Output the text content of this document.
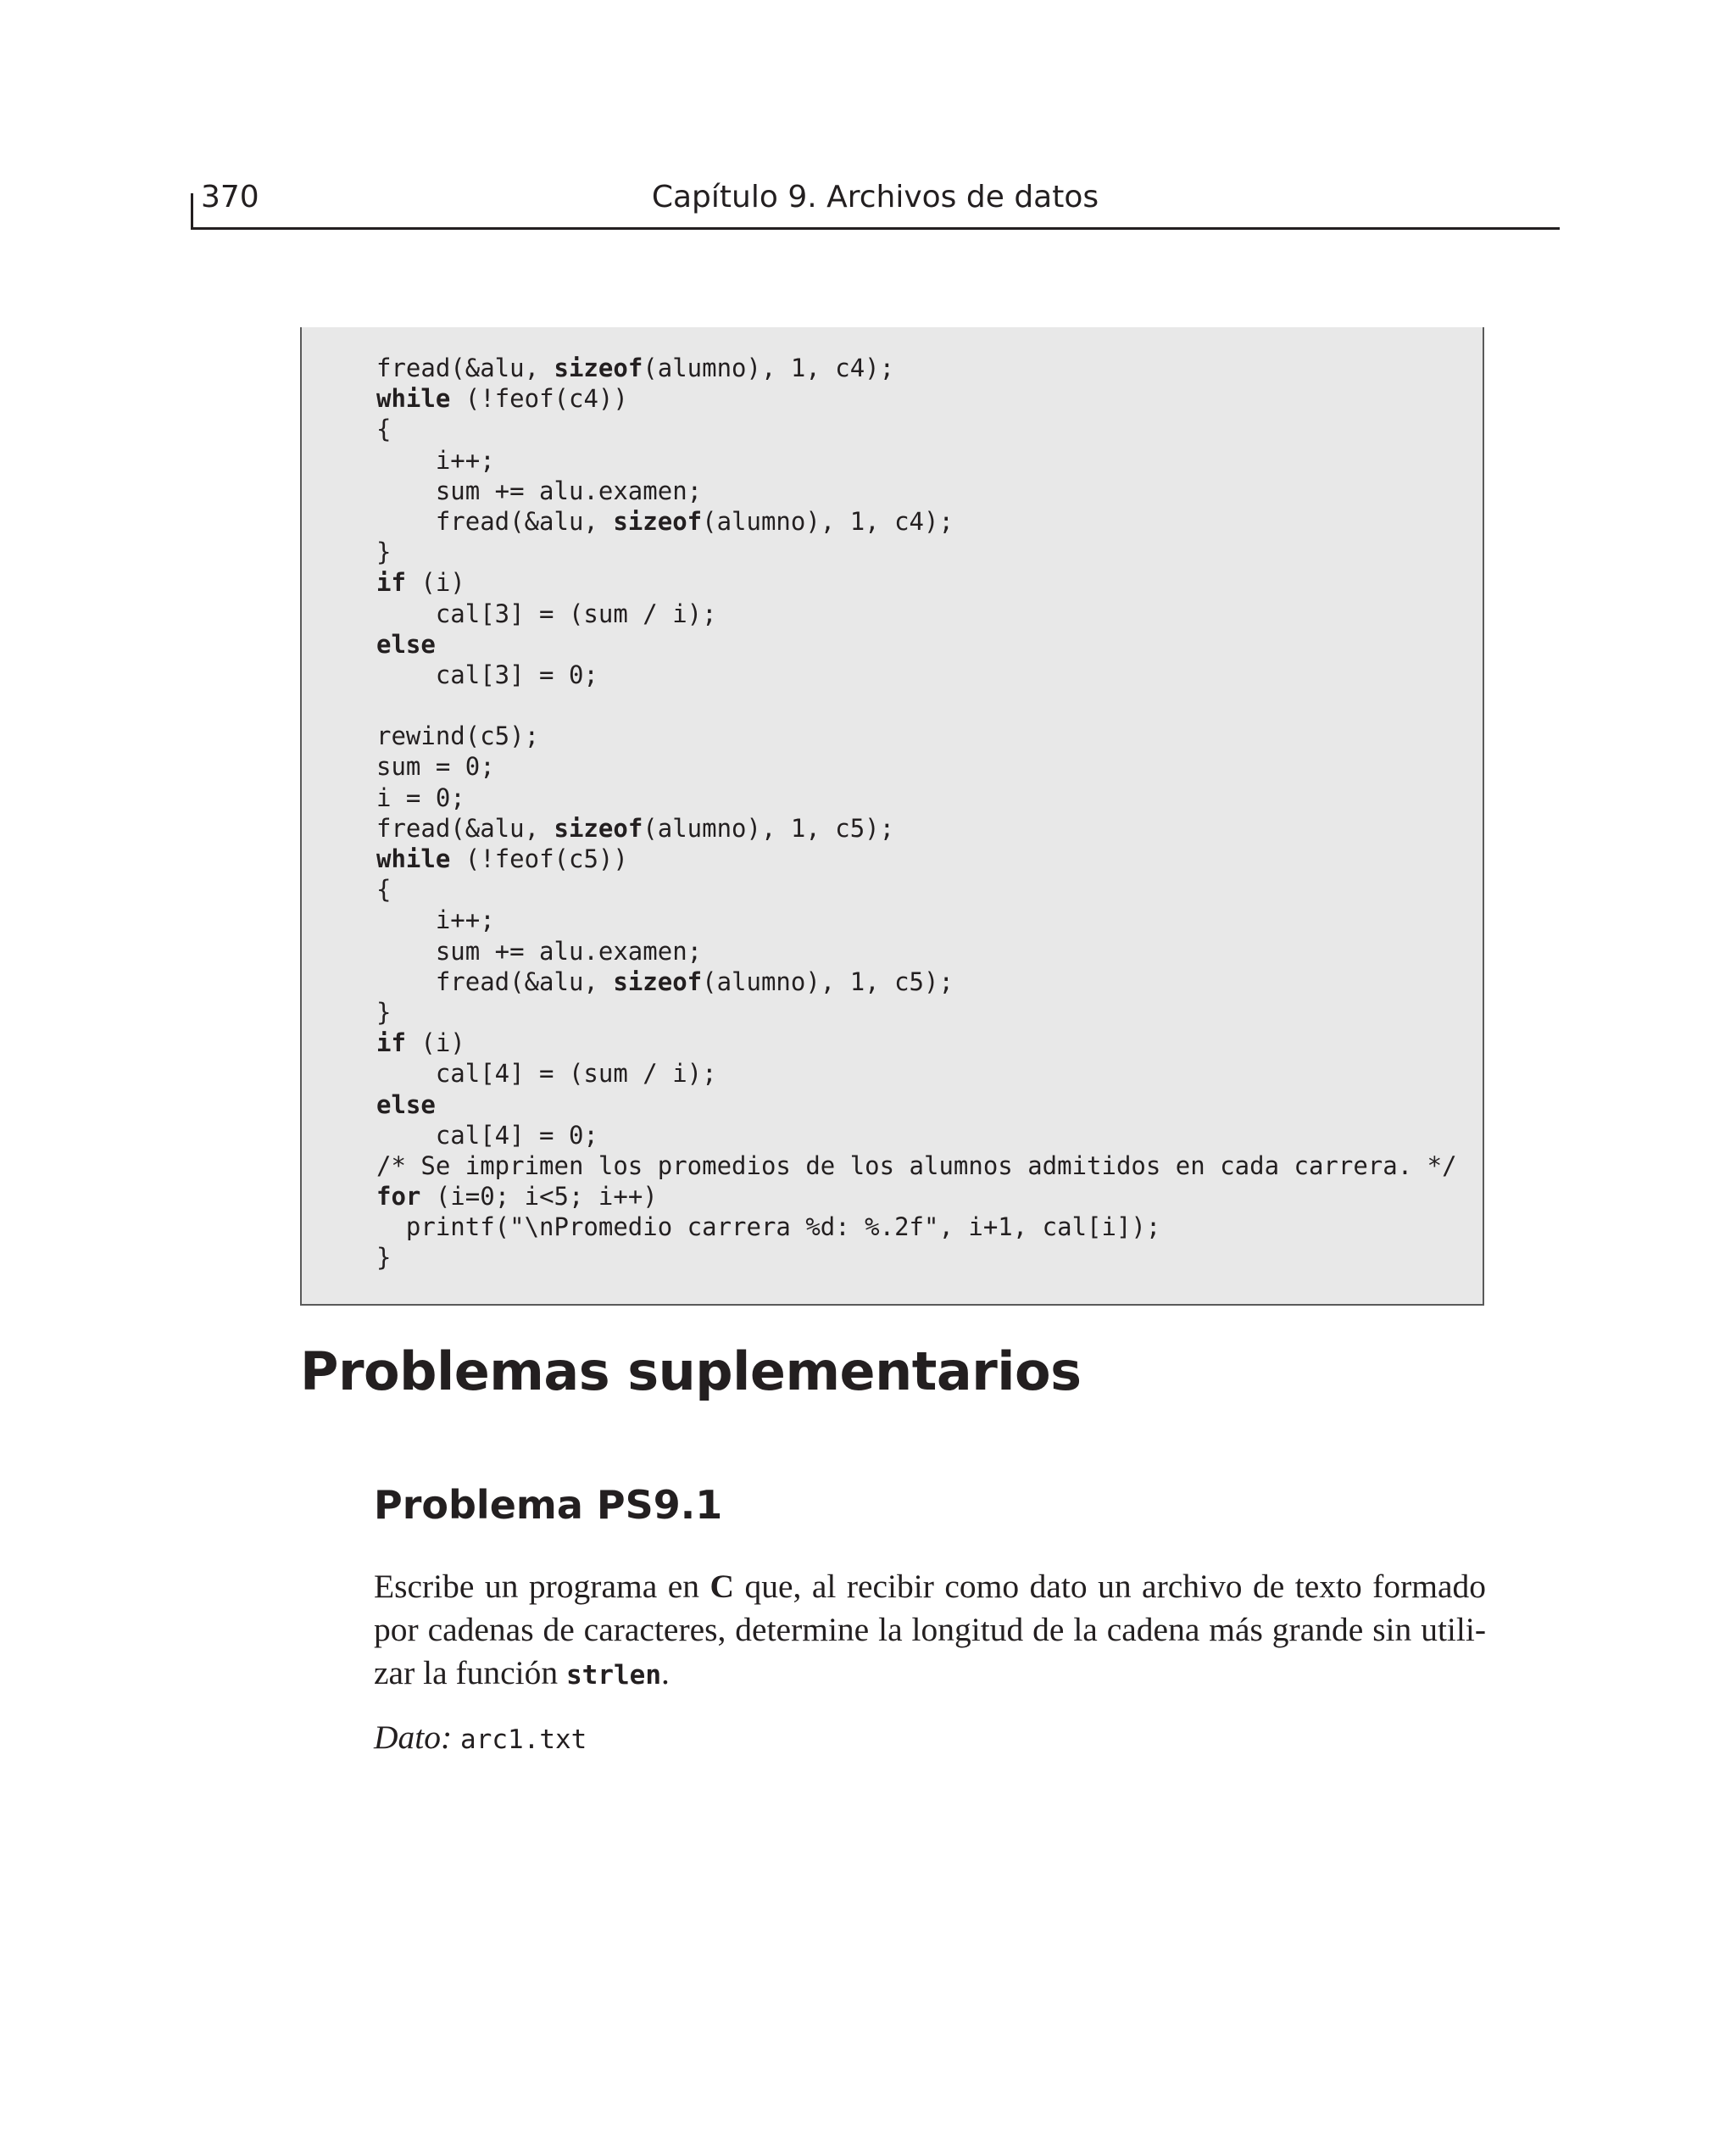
370	Capítulo 9. Archivos de datos
fread(&alu, sizeof(alumno), 1, c4);
while (!feof(c4))
{
i++;
sum += alu.examen;
fread(&alu, sizeof(alumno), 1, c4);
}
if (i)
cal[3] = (sum / i);
else
cal[3] = 0;
rewind(c5);
sum = 0;
i = 0;
fread(&alu, sizeof(alumno), 1, c5);
while (!feof(c5))
{
i++;
sum += alu.examen;
fread(&alu, sizeof(alumno), 1, c5);
}
if (i)
cal[4] = (sum / i);
else
cal[4] = 0;
/* Se imprimen los promedios de los alumnos admitidos en cada carrera. */
for (i=0; i<5; i++)
printf("\nPromedio carrera %d: %.2f", i+1, cal[i]);
}
Problemas suplementarios
Problema PS9.1
Escribe un programa en C que, al recibir como dato un archivo de texto formado
por cadenas de caracteres, determine la longitud de la cadena más grande sin utili-
zar la función strlen.
Dato: arc1.txt
